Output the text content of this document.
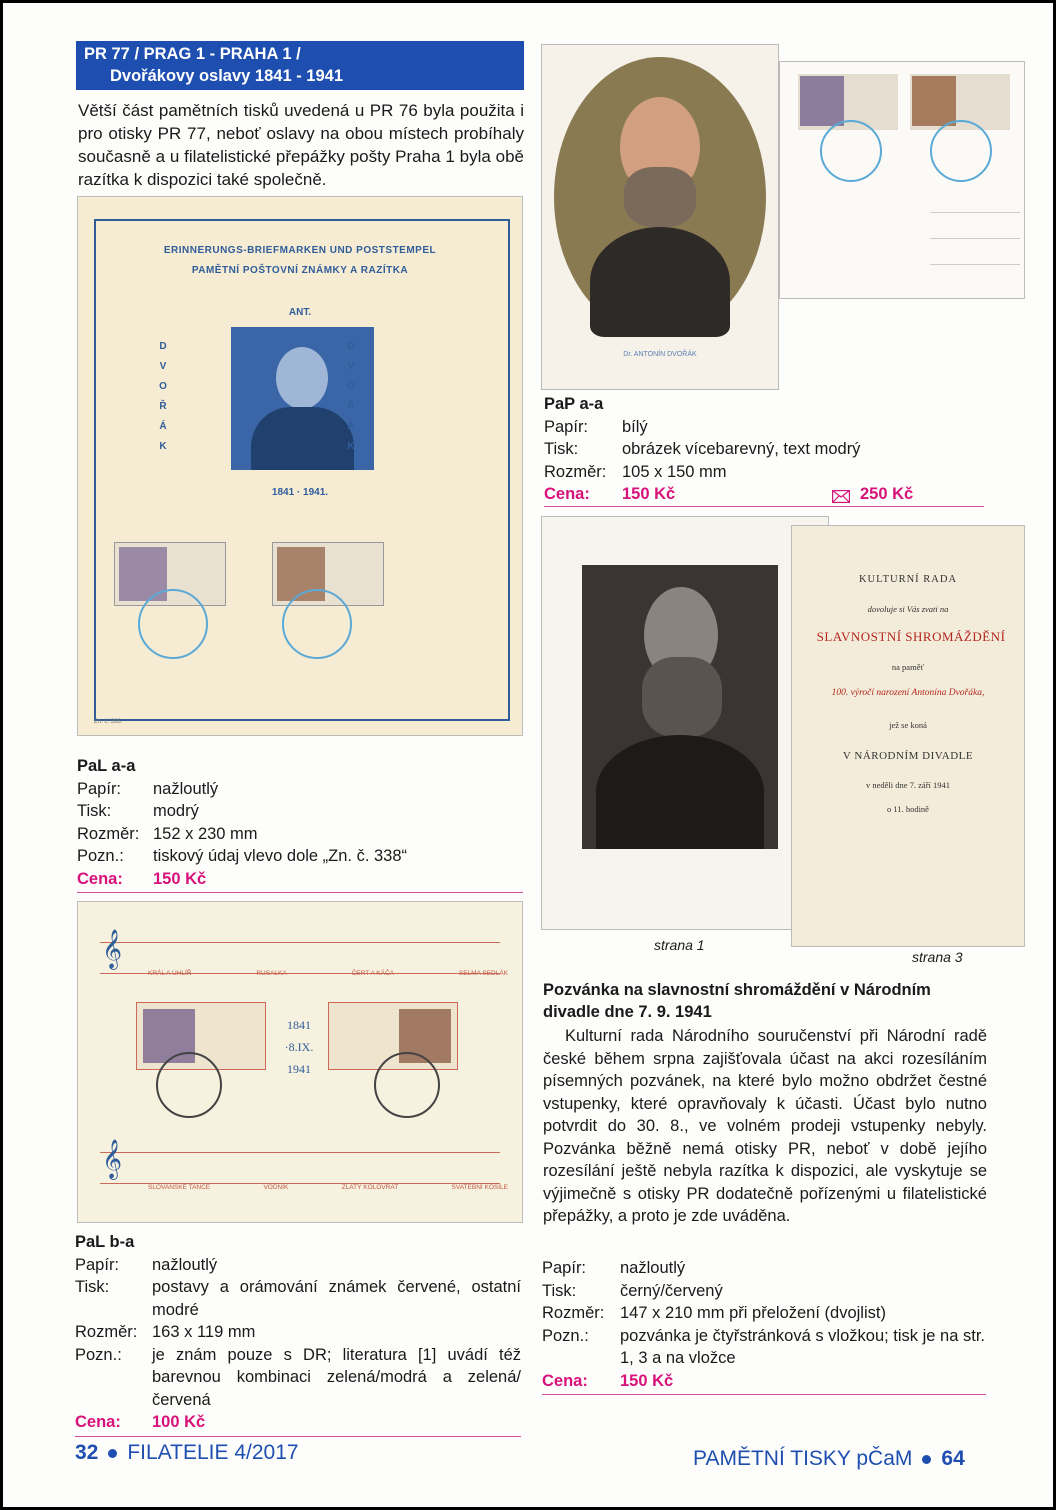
PR 77 / PRAG 1 - PRAHA 1 /
Dvořákovy oslavy 1841 - 1941
Větší část pamětních tisků uvedená u PR 76 byla použita i pro otisky PR 77, neboť oslavy na obou místech probíhaly současně a u filatelistické přepážky pošty Praha 1 byla obě razítka k dispozici také společně.
ERINNERUNGS-BRIEFMARKEN UND POSTSTEMPEL
PAMĚTNÍ POŠTOVNÍ ZNÁMKY A RAZÍTKA
ANT.
D
V
O
Ř
Á
K
D
V
O
Ř
Á
K
1841 · 1941.
Zn. č. 338.
PaL a-a
Papír:	nažloutlý
Tisk:	modrý
Rozměr: 152 x 230 mm
Pozn.:	tiskový údaj vlevo dole „Zn. č. 338“
Cena:	150 Kč
𝄞
KRÁL A UHLÍŘ	RUSALKA	ČERT A KÁČA	SELMA SEDLÁK
1841
·8.IX.
1941
𝄞
SLOVANSKÉ TANCE	VODNÍK	ZLATÝ KOLOVRAT	SVATEBNÍ KOŠILE
PaL b-a
Papír:	nažloutlý
Tisk:	postavy a orámování známek červené, ostatní modré
Rozměr: 163 x 119 mm
Pozn.:	je znám pouze s DR; literatura [1] uvádí též barevnou kombinaci zelená/modrá a zelená/červená
Cena:	100 Kč
Dr. ANTONÍN DVOŘÁK
PaP a-a
Papír:	bílý
Tisk:	obrázek vícebarevný, text modrý
Rozměr: 105 x 150 mm
Cena:	150 Kč	250 Kč
KULTURNÍ RADA
dovoluje si Vás zvati na
SLAVNOSTNÍ SHROMÁŽDĚNÍ
na paměť
100. výročí narození Antonína Dvořáka,
jež se koná
V NÁRODNÍM DIVADLE
v neděli dne 7. září 1941
o 11. hodině
strana 1
strana 3
Pozvánka na slavnostní shromáždění v Národním divadle dne 7. 9. 1941
Kulturní rada Národního souručenství při Národní radě české během srpna zajišťovala účast na akci rozesíláním písemných pozvánek, na které bylo možno obdržet čestné vstupenky, které opravňovaly k účasti. Účast bylo nutno potvrdit do 30. 8., ve volném prodeji vstupenky nebyly. Pozvánka běžně nemá otisky PR, neboť v době jejího rozesílání ještě nebyla razítka k dispozici, ale vyskytuje se výjimečně s otisky PR dodatečně pořízenými u filatelistické přepážky, a proto je zde uváděna.
Papír:	nažloutlý
Tisk:	černý/červený
Rozměr: 147 x 210 mm při přeložení (dvojlist)
Pozn.:	pozvánka je čtyřstránková s vložkou; tisk je na str. 1, 3 a na vložce
Cena:	150 Kč
32 FILATELIE 4/2017	PAMĚTNÍ TISKY pČaM 64
